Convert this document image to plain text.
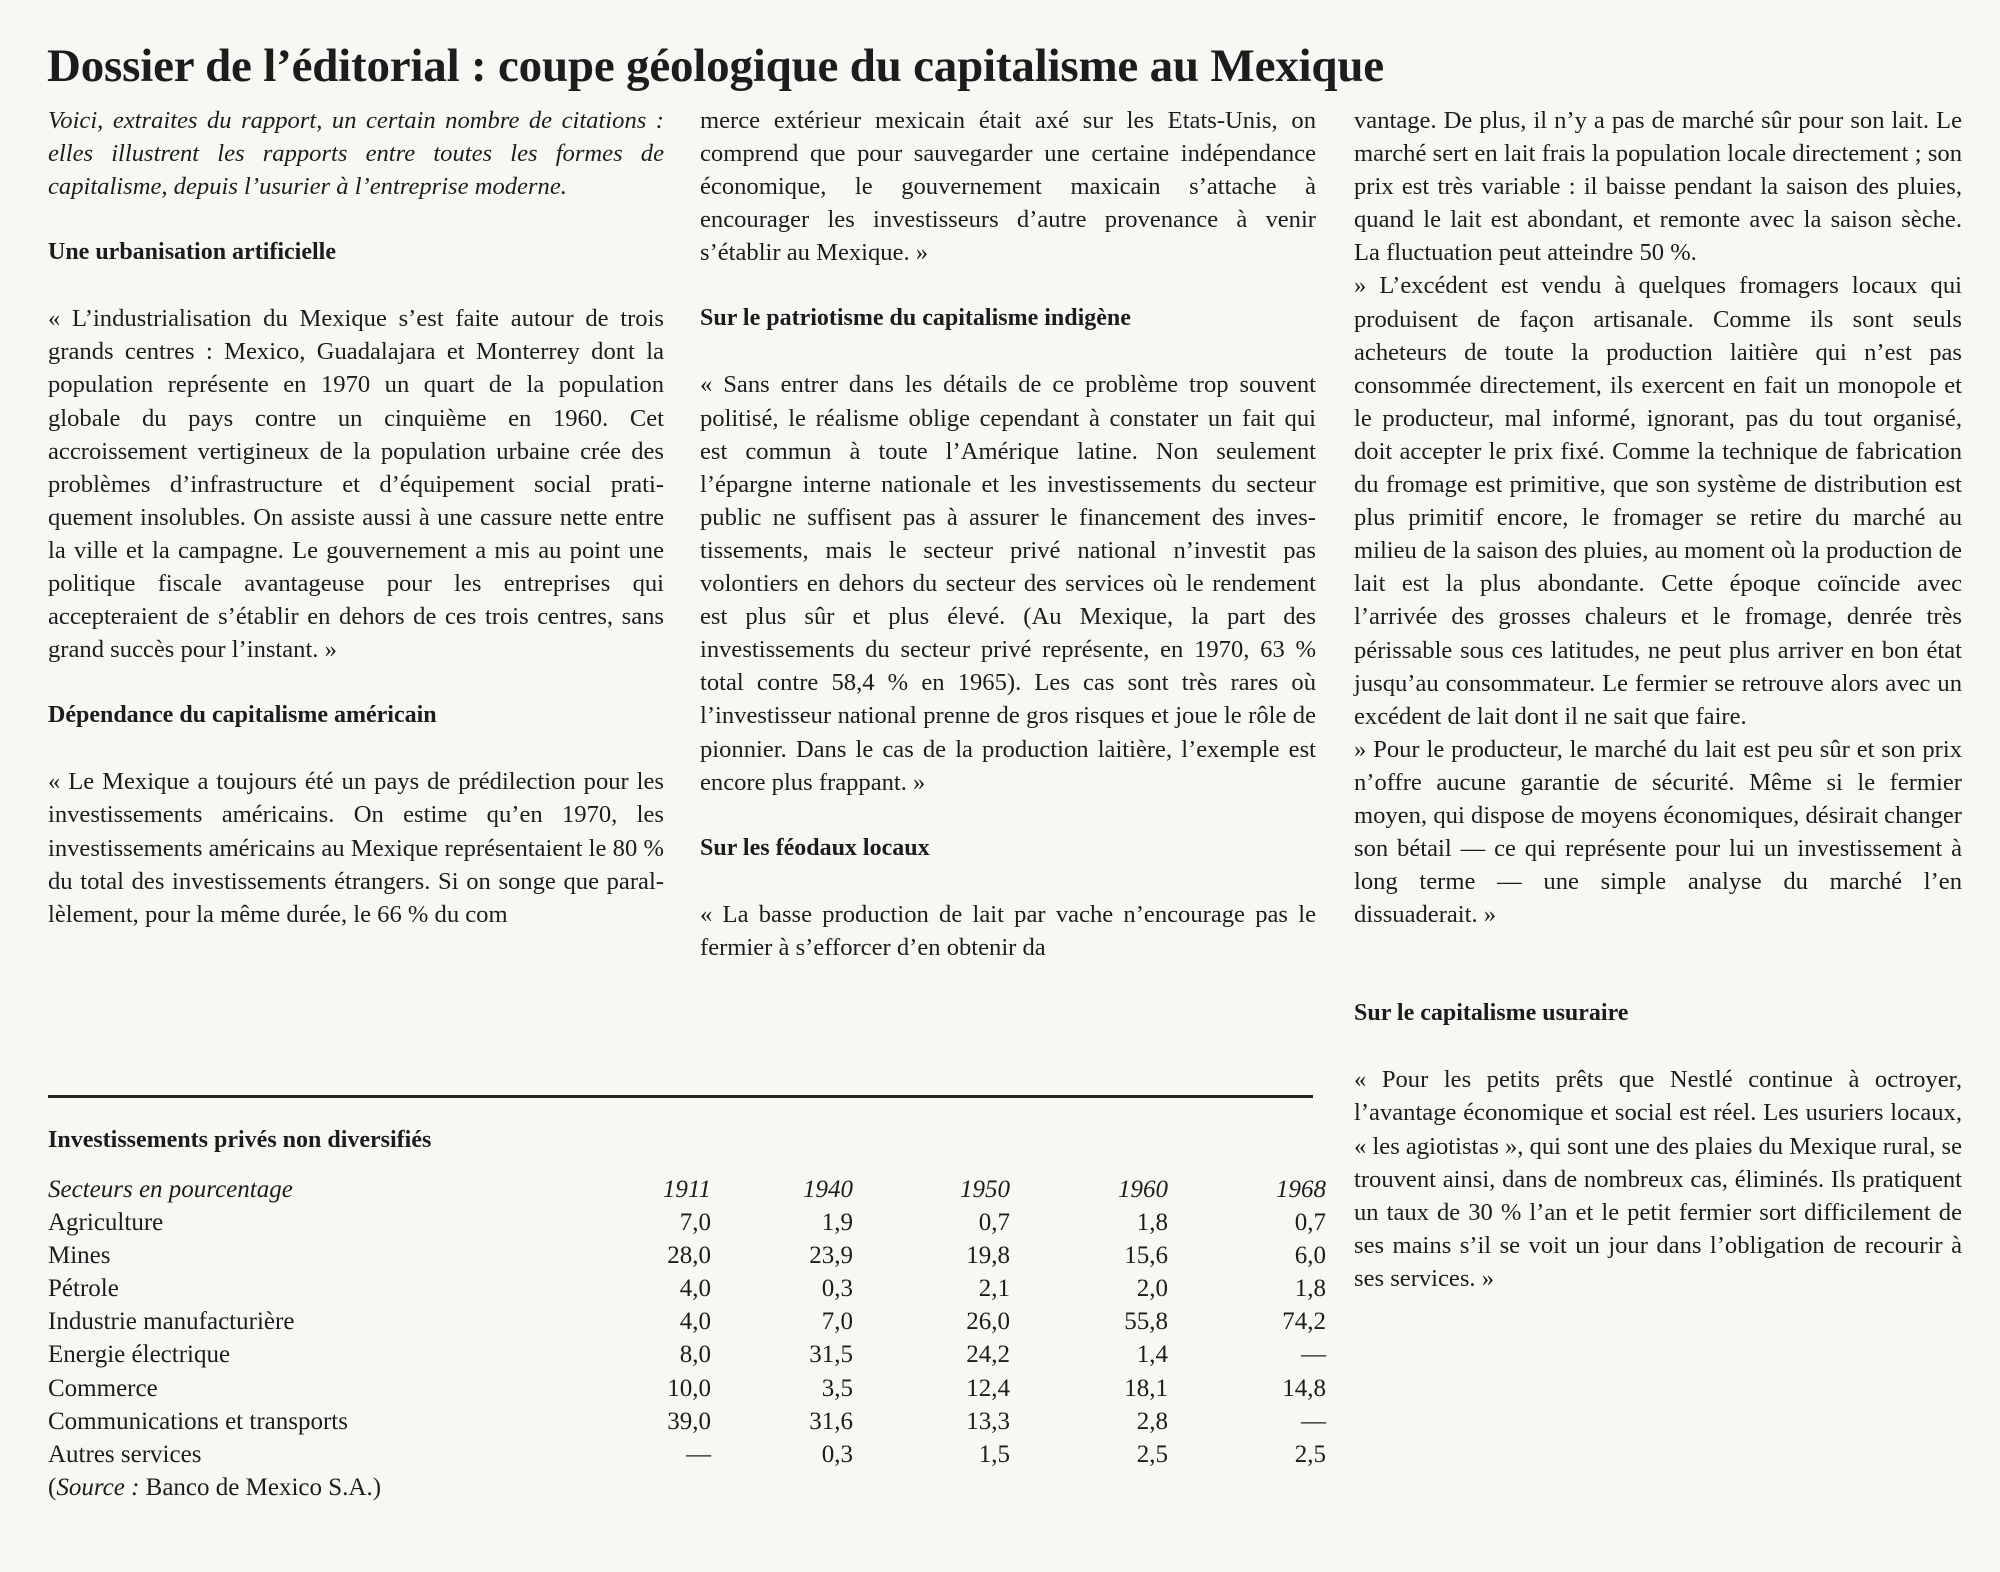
Dossier de l’éditorial : coupe géologique du capitalisme au Mexique

Voici, extraites du rapport, un certain nombre de citations : elles illustrent les rapports entre toutes les formes de capitalisme, depuis l’usurier à l’entreprise moderne.

Une urbanisation artificielle

« L’industrialisation du Mexique s’est faite autour de trois grands centres : Mexico, Guadalajara et Monterrey dont la population représente en 1970 un quart de la population globale du pays contre un cinquième en 1960. Cet accroissement vertigineux de la population urbaine crée des problèmes d’infrastructure et d’équipement social pratiquement insolubles. On assiste aussi à une cassure nette entre la ville et la campagne. Le gouvernement a mis au point une politique fiscale avantageuse pour les entreprises qui accepteraient de s’établir en dehors de ces trois centres, sans grand succès pour l’instant. »

Dépendance du capitalisme américain

« Le Mexique a toujours été un pays de prédilection pour les investissements américains. On estime qu’en 1970, les investissements américains au Mexique représentaient le 80 % du total des investissements étrangers. Si on songe que parallèlement, pour la même durée, le 66 % du com

merce extérieur mexicain était axé sur les Etats-Unis, on comprend que pour sauvegarder une certaine indépendance économique, le gouvernement maxicain s’attache à encourager les investisseurs d’autre provenance à venir s’établir au Mexique. »

Sur le patriotisme du capitalisme indigène

« Sans entrer dans les détails de ce problème trop souvent politisé, le réalisme oblige cependant à constater un fait qui est commun à toute l’Amérique latine. Non seulement l’épargne interne nationale et les investissements du secteur public ne suffisent pas à assurer le financement des investissements, mais le secteur privé national n’investit pas volontiers en dehors du secteur des services où le rendement est plus sûr et plus élevé. (Au Mexique, la part des investissements du secteur privé représente, en 1970, 63 % total contre 58,4 % en 1965). Les cas sont très rares où l’investisseur national prenne de gros risques et joue le rôle de pionnier. Dans le cas de la production laitière, l’exemple est encore plus frappant. »

Sur les féodaux locaux

« La basse production de lait par vache n’encourage pas le fermier à s’efforcer d’en obtenir da

vantage. De plus, il n’y a pas de marché sûr pour son lait. Le marché sert en lait frais la population locale directement ; son prix est très variable : il baisse pendant la saison des pluies, quand le lait est abondant, et remonte avec la saison sèche. La fluctuation peut atteindre 50 %.

» L’excédent est vendu à quelques fromagers locaux qui produisent de façon artisanale. Comme ils sont seuls acheteurs de toute la production laitière qui n’est pas consommée directement, ils exercent en fait un monopole et le producteur, mal informé, ignorant, pas du tout organisé, doit accepter le prix fixé. Comme la technique de fabrication du fromage est primitive, que son système de distribution est plus primitif encore, le fromager se retire du marché au milieu de la saison des pluies, au moment où la production de lait est la plus abondante. Cette époque coïncide avec l’arrivée des grosses chaleurs et le fromage, denrée très périssable sous ces latitudes, ne peut plus arriver en bon état jusqu’au consommateur. Le fermier se retrouve alors avec un excédent de lait dont il ne sait que faire.

» Pour le producteur, le marché du lait est peu sûr et son prix n’offre aucune garantie de sécurité. Même si le fermier moyen, qui dispose de moyens économiques, désirait changer son bétail — ce qui représente pour lui un investissement à long terme — une simple analyse du marché l’en dissuaderait. »

Sur le capitalisme usuraire

« Pour les petits prêts que Nestlé continue à octroyer, l’avantage économique et social est réel. Les usuriers locaux, « les agiotistas », qui sont une des plaies du Mexique rural, se trouvent ainsi, dans de nombreux cas, éliminés. Ils pratiquent un taux de 30 % l’an et le petit fermier sort difficilement de ses mains s’il se voit un jour dans l’obligation de recourir à ses services. »

Investissements privés non diversifiés
Secteurs en pourcentage	1911	1940	1950	1960	1968
Agriculture	7,0	1,9	0,7	1,8	0,7
Mines	28,0	23,9	19,8	15,6	6,0
Pétrole	4,0	0,3	2,1	2,0	1,8
Industrie manufacturière	4,0	7,0	26,0	55,8	74,2
Energie électrique	8,0	31,5	24,2	1,4	—
Commerce	10,0	3,5	12,4	18,1	14,8
Communications et transports	39,0	31,6	13,3	2,8	—
Autres services	—	0,3	1,5	2,5	2,5
(Source : Banco de Mexico S.A.)
